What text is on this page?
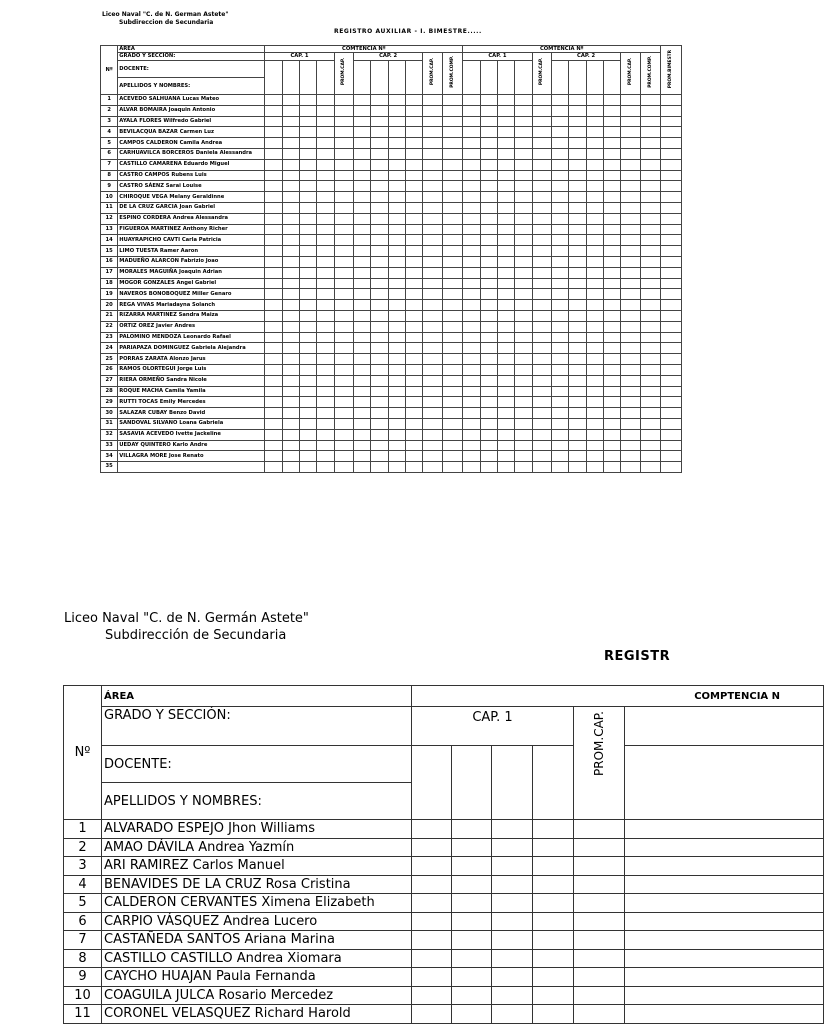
Liceo Naval "C. de N. German Astete"
Subdireccion de Secundaria
REGISTRO AUXILIAR - I. BIMESTRE.....
Nº	ÁREA	COMTENCIA Nº											COMTENCIA Nº											PROM.BIMESTR
	GRADO Y SECCIÓN:	CAP. 1				PROM.CAP.	CAP. 2				PROM.CAP.	PROM.COMP.	CAP. 1				PROM.CAP.	CAP. 2				PROM.CAP.	PROM.COMP.	
	DOCENTE:																							
	APELLIDOS Y NOMBRES:																							
1	ACEVEDO SALHUANA Lucas Mateo																							
2	ALVAR BOMAIRA Joaquin Antonio																							
3	AYALA FLORES Wilfredo Gabriel																							
4	BEVILACQUA BAZAR Carmen Luz																							
5	CAMPOS CALDERON Camila Andrea																							
6	CARHUAVILCA BORCEROS Daniela Alessandra																							
7	CASTILLO CAMARENA Eduardo Miguel																							
8	CASTRO CAMPOS Rubens Luis																							
9	CASTRO SÁENZ Sarai Louise																							
10	CHIROQUE VEGA Melany Geraldinne																							
11	DE LA CRUZ GARCIA Joan Gabriel																							
12	ESPINO CORDERA Andrea Alessandra																							
13	FIGUEROA MARTINEZ Anthony Richer																							
14	HUAYRAPICHO CAVTI Carla Patricia																							
15	LIMO TUESTA Ramer Aaron																							
16	MADUEÑO ALARCON Fabrizio Joao																							
17	MORALES MAGUIÑA Joaquin Adrian																							
18	MOGOR GONZALES Angel Gabriel																							
19	NAVEROS BONOBOQUEZ Miller Genaro																							
20	REGA VIVAS Mariadayna Solanch																							
21	RIZARRA MARTINEZ Sandra Maiza																							
22	ORTIZ OREZ Javier Andres																							
23	PALOMINO MENDOZA Leonardo Rafael																							
24	PARIAPAZA DOMINGUEZ Gabriela Alejandra																							
25	PORRAS ZARATA Alonzo Jarus																							
26	RAMOS OLORTEGUI Jorge Luis																							
27	RIERA ORMEÑO Sandra Nicole																							
28	ROQUE MACHA Camila Yamila																							
29	RUTTI TOCAS Emily Mercedes																							
30	SALAZAR CUBAY Benzo David																							
31	SANDOVAL SILVANO Loana Gabriela																							
32	SASAVIA ACEVEDO Ivette Jackeline																							
33	UEDAY QUINTERO Karlo Andre																							
34	VILLAGRA MORE Jose Renato																							
35																								
Liceo Naval "C. de N. Germán Astete"
Subdirección de Secundaria
REGISTR
Nº	ÁREA	COMPTENCIA N					
	GRADO Y SECCIÓN:	CAP. 1				PROM.CAP.	
	DOCENTE:						
	APELLIDOS Y NOMBRES:						
1	ALVARADO ESPEJO Jhon Williams						
2	AMAO DÁVILA Andrea Yazmín						
3	ARI RAMIREZ Carlos Manuel						
4	BENAVIDES DE LA CRUZ Rosa Cristina						
5	CALDERON CERVANTES Ximena Elizabeth						
6	CARPIO VÁSQUEZ Andrea Lucero						
7	CASTAÑEDA SANTOS Ariana Marina						
8	CASTILLO CASTILLO Andrea Xiomara						
9	CAYCHO HUAJAN Paula Fernanda						
10	COAGUILA JULCA Rosario Mercedez						
11	CORONEL VELASQUEZ Richard Harold						
